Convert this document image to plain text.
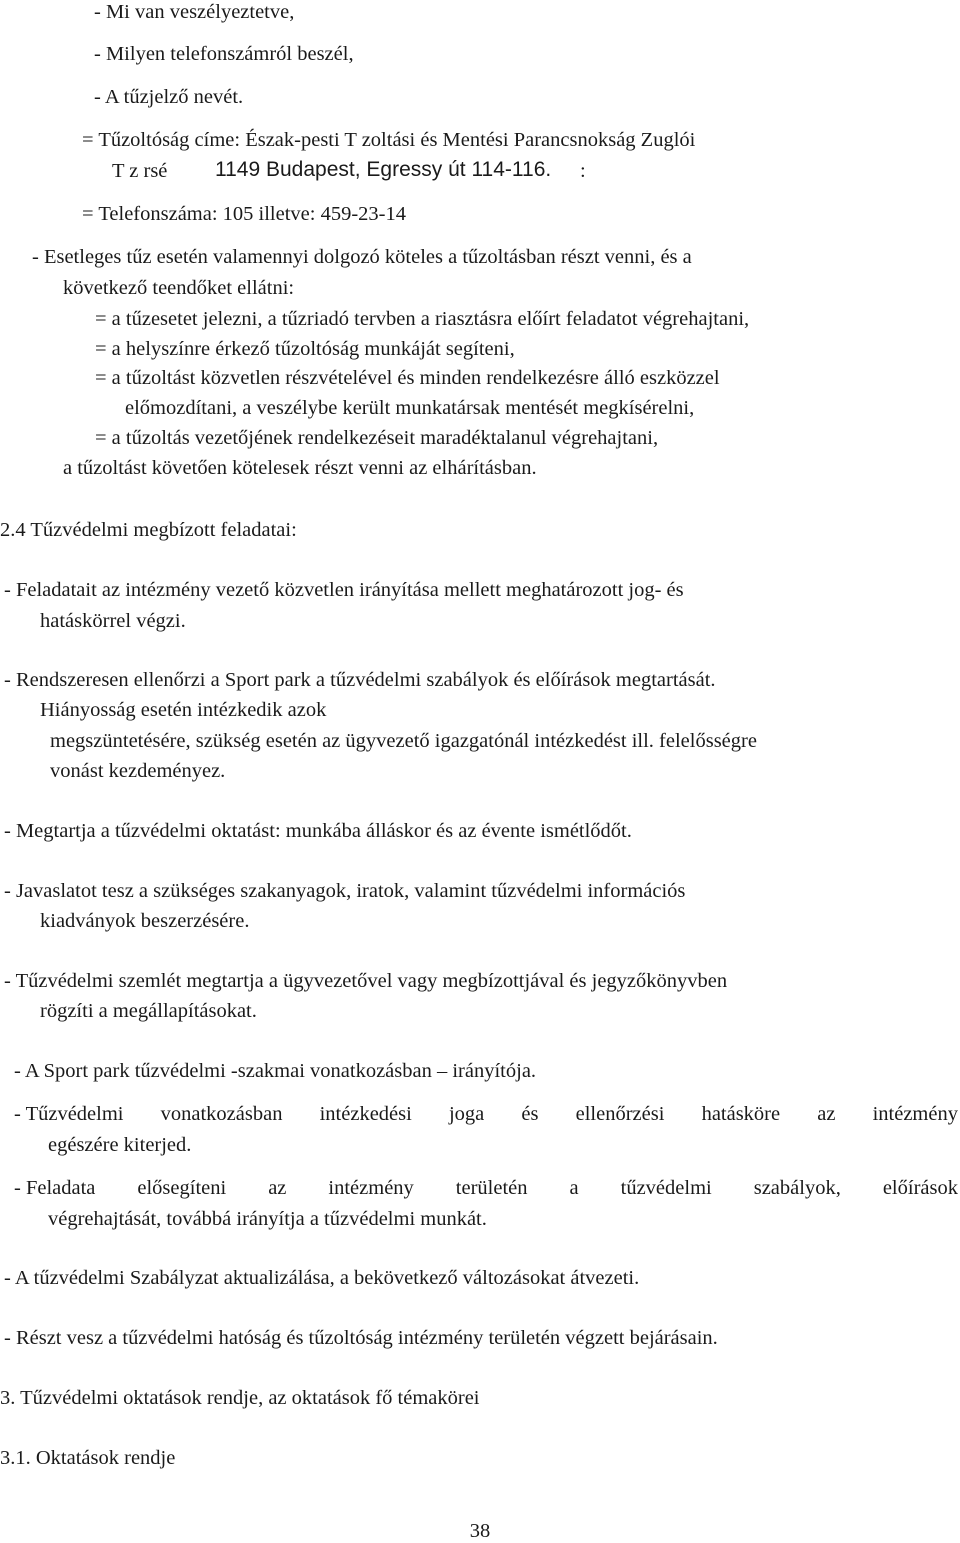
- Mi van veszélyeztetve,
- Milyen telefonszámról beszél,
- A tűzjelző nevét.
= Tűzoltóság címe: Észak-pesti T zoltási és Mentési Parancsnokság Zuglói
T z rsé 1149 Budapest, Egressy út 114-116. :
= Telefonszáma: 105 illetve: 459-23-14
- Esetleges tűz esetén valamennyi dolgozó köteles a tűzoltásban részt venni, és a
következő teendőket ellátni:
= a tűzesetet jelezni, a tűzriadó tervben a riasztásra előírt feladatot végrehajtani,
= a helyszínre érkező tűzoltóság munkáját segíteni,
= a tűzoltást közvetlen részvételével és minden rendelkezésre álló eszközzel
előmozdítani, a veszélybe került munkatársak mentését megkísérelni,
= a tűzoltás vezetőjének rendelkezéseit maradéktalanul végrehajtani,
a tűzoltást követően kötelesek részt venni az elhárításban.
2.4 Tűzvédelmi megbízott feladatai:
- Feladatait az intézmény vezető közvetlen irányítása mellett meghatározott jog- és
hatáskörrel végzi.
- Rendszeresen ellenőrzi a Sport park a tűzvédelmi szabályok és előírások megtartását.
Hiányosság esetén intézkedik azok
megszüntetésére, szükség esetén az ügyvezető igazgatónál intézkedést ill. felelősségre
vonást kezdeményez.
- Megtartja a tűzvédelmi oktatást: munkába álláskor és az évente ismétlődőt.
- Javaslatot tesz a szükséges szakanyagok, iratok, valamint tűzvédelmi információs
kiadványok beszerzésére.
- Tűzvédelmi szemlét megtartja a ügyvezetővel vagy megbízottjával és jegyzőkönyvben
rögzíti a megállapításokat.
- A Sport park tűzvédelmi -szakmai vonatkozásban – irányítója.
- Tűzvédelmi vonatkozásban intézkedési joga és ellenőrzési hatásköre az intézmény
egészére kiterjed.
- Feladata elősegíteni az intézmény területén a tűzvédelmi szabályok, előírások
végrehajtását, továbbá irányítja a tűzvédelmi munkát.
- A tűzvédelmi Szabályzat aktualizálása, a bekövetkező változásokat átvezeti.
- Részt vesz a tűzvédelmi hatóság és tűzoltóság intézmény területén végzett bejárásain.
3. Tűzvédelmi oktatások rendje, az oktatások fő témakörei
3.1. Oktatások rendje
38
